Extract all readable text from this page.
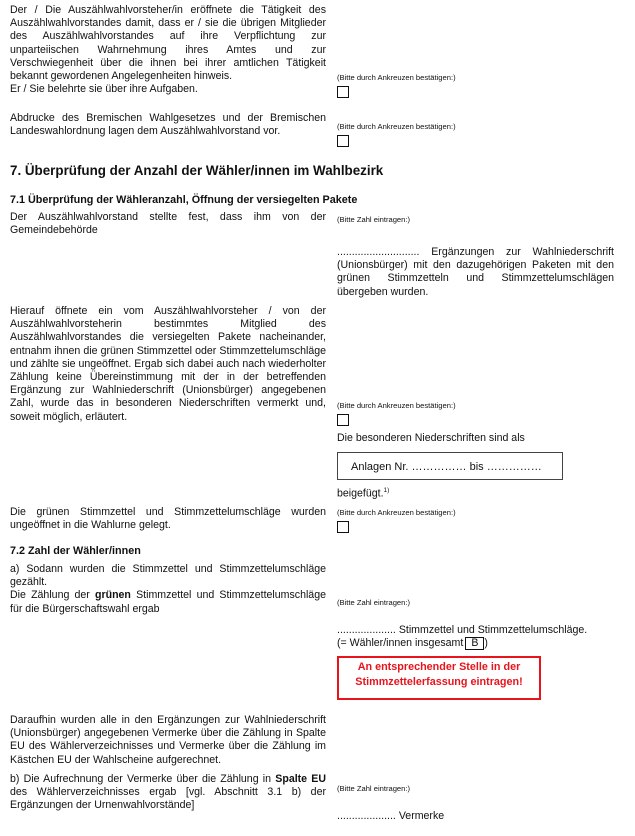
Der / Die Auszählwahlvorsteher/in eröffnete die Tätigkeit des Auszählwahlvorstandes damit, dass er / sie die übrigen Mitglieder des Auszählwahlvorstandes auf ihre Verpflichtung zur unparteiischen Wahrnehmung ihres Amtes und zur Verschwiegenheit über die ihnen bei ihrer amtlichen Tätigkeit bekannt gewordenen Angelegenheiten hinweis.
Er / Sie belehrte sie über ihre Aufgaben.
(Bitte durch Ankreuzen bestätigen:)
Abdrucke des Bremischen Wahlgesetzes und der Bremischen Landeswahlordnung lagen dem Auszählwahlvorstand vor.	(Bitte durch Ankreuzen bestätigen:)
7. Überprüfung der Anzahl der Wähler/innen im Wahlbezirk
7.1 Überprüfung der Wähleranzahl, Öffnung der versiegelten Pakete
Der Auszählwahlvorstand stellte fest, dass ihm von der Gemeindebehörde
(Bitte Zahl eintragen:)
............................ Ergänzungen zur Wahlniederschrift (Unionsbürger) mit den dazugehörigen Paketen mit den grünen Stimmzetteln und Stimmzettelumschlägen übergeben wurden.
Hierauf öffnete ein vom Auszählwahlvorsteher / von der Auszählwahlvorsteherin bestimmtes Mitglied des Auszählwahlvorstandes die versiegelten Pakete nacheinander, entnahm ihnen die grünen Stimmzettel oder Stimmzettelumschläge und zählte sie ungeöffnet. Ergab sich dabei auch nach wiederholter Zählung keine Übereinstimmung mit der in der betreffenden Ergänzung zur Wahlniederschrift (Unionsbürger) angegebenen Zahl, wurde das in besonderen Niederschriften vermerkt und, soweit möglich, erläutert.
(Bitte durch Ankreuzen bestätigen:)
Die besonderen Niederschriften sind als
Anlagen Nr. …………… bis ……………
beigefügt.$^{1)}$
Die grünen Stimmzettel und Stimmzettelumschläge wurden ungeöffnet in die Wahlurne gelegt.
(Bitte durch Ankreuzen bestätigen:)
7.2 Zahl der Wähler/innen
a) Sodann wurden die Stimmzettel und Stimmzettelumschläge gezählt.
Die Zählung der grünen Stimmzettel und Stimmzettelumschläge für die Bürgerschaftswahl ergab
(Bitte Zahl eintragen:)
.................... Stimmzettel und Stimmzettelumschläge.
(= Wähler/innen insgesamt B )
An entsprechender Stelle in der Stimmzettelerfassung eintragen!
Daraufhin wurden alle in den Ergänzungen zur Wahlniederschrift (Unionsbürger) angegebenen Vermerke über die Zählung in Spalte EU des Wählerverzeichnisses und Vermerke über die Zählung im Kästchen EU der Wahlscheine aufgerechnet.
b) Die Aufrechnung der Vermerke über die Zählung in Spalte EU des Wählerverzeichnisses ergab [vgl. Abschnitt 3.1 b) der Ergänzungen der Urnenwahlvorstände]
(Bitte Zahl eintragen:)
.................... Vermerke
